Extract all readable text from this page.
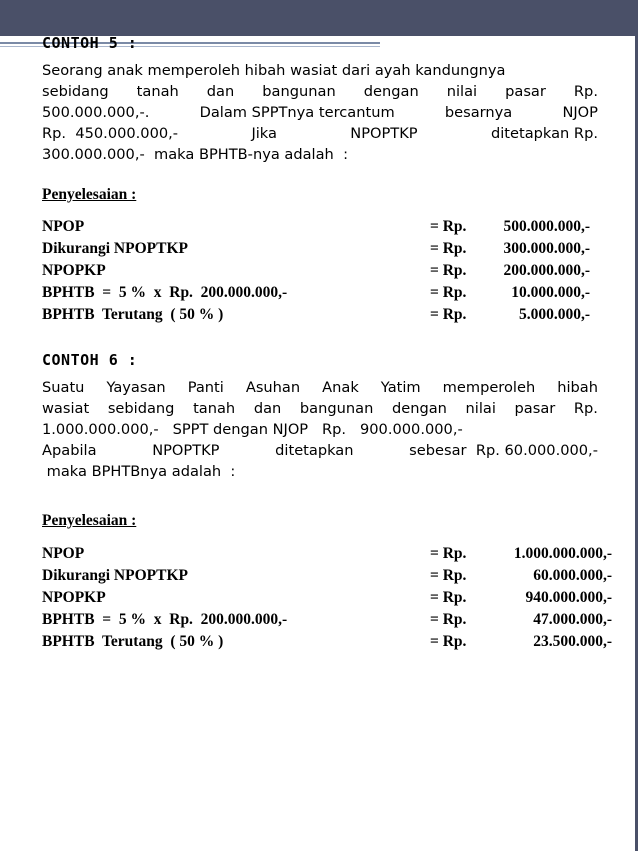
CONTOH 5 :
Seorang anak memperoleh hibah wasiat dari ayah kandungnya
sebidang tanah dan bangunan dengan nilai pasar Rp.
500.000.000,-.	Dalam SPPTnya tercantum	besarnya	NJOP
Rp.  450.000.000,-	Jika	NPOPTKP	ditetapkan Rp.
300.000.000,-  maka BPHTB-nya adalah  :
Penyelesaian :
NPOP	= Rp. 500.000.000,-
Dikurangi NPOPTKP	= Rp. 300.000.000,-
NPOPKP	= Rp. 200.000.000,-
BPHTB  =  5 %  x  Rp.  200.000.000,-	= Rp.	10.000.000,-
BPHTB  Terutang  ( 50 % )	= Rp.	5.000.000,-
CONTOH 6 :
Suatu Yayasan Panti Asuhan Anak Yatim memperoleh hibah
wasiat sebidang tanah dan bangunan dengan nilai pasar Rp.
1.000.000.000,-   SPPT dengan NJOP   Rp.   900.000.000,-
Apabila	NPOPTKP	ditetapkan	sebesar  Rp. 60.000.000,-
maka BPHTBnya adalah  :
Penyelesaian :
NPOP	= Rp.	1.000.000.000,-
Dikurangi NPOPTKP	= Rp.	60.000.000,-
NPOPKP	= Rp.	940.000.000,-
BPHTB  =  5 %  x  Rp.  200.000.000,-	= Rp.	47.000.000,-
BPHTB  Terutang  ( 50 % )	= Rp.	23.500.000,-
